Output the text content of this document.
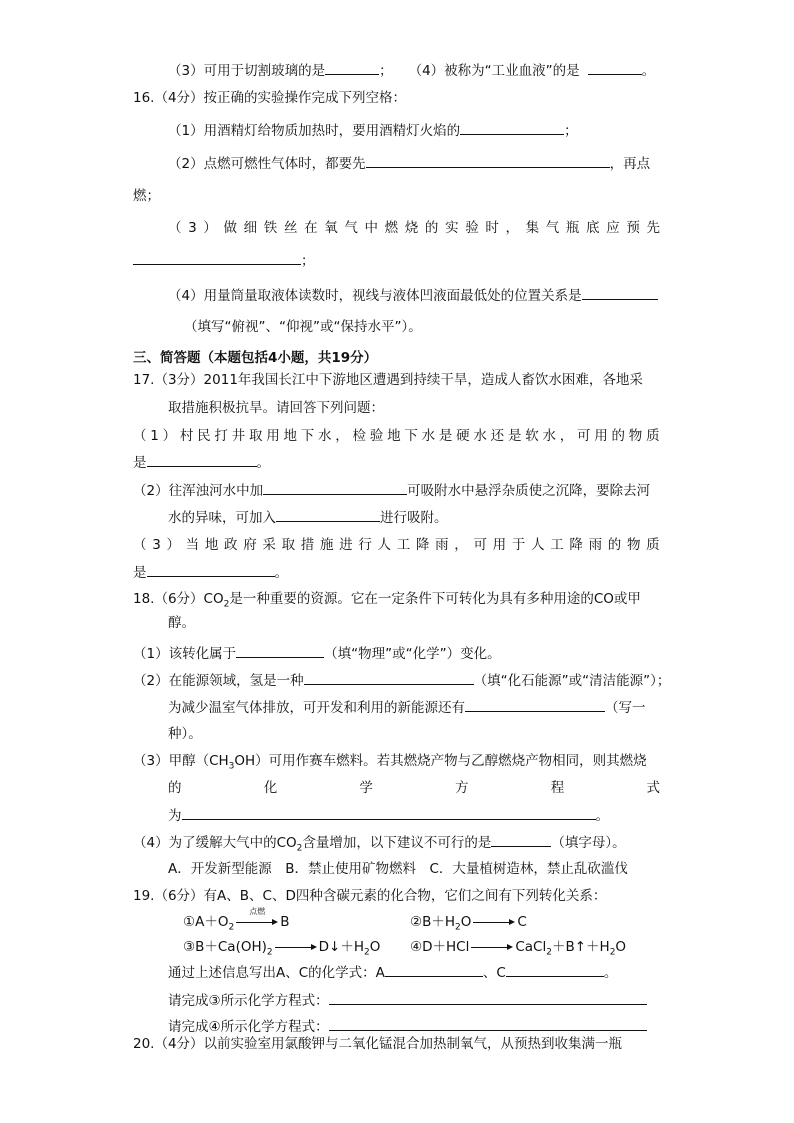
（3）可用于切割玻璃的是	； （4）被称为“工业血液”的是	。
16.（4分）按正确的实验操作完成下列空格：
（1）用酒精灯给物质加热时，要用酒精灯火焰的	；
（2）点燃可燃性气体时，都要先	，再点
燃；
（ 3 ） 做 细 铁 丝 在 氧 气 中 燃 烧 的 实 验 时 ， 集 气 瓶 底 应 预 先
；
（4）用量筒量取液体读数时，视线与液体凹液面最低处的位置关系是
（填写“俯视”、“仰视”或“保持水平”）。
三、简答题（本题包括4小题，共19分）
17.（3分）2011年我国长江中下游地区遭遇到持续干旱，造成人畜饮水困难，各地采
取措施积极抗旱。请回答下列问题：
（ 1 ） 村 民 打 井 取 用 地 下 水 ， 检 验 地 下 水 是 硬 水 还 是 软 水 ， 可 用 的 物 质
是	。
（2）往浑浊河水中加	可吸附水中悬浮杂质使之沉降，要除去河
水的异味，可加入	进行吸附。
（ 3 ） 当 地 政 府 采 取 措 施 进 行 人 工 降 雨 ， 可 用 于 人 工 降 雨 的 物 质
是	。
18.（6分）$CO_2$是一种重要的资源。它在一定条件下可转化为具有多种用途的CO或甲
醇。
（1）该转化属于	（填“物理”或“化学”）变化。
（2）在能源领域，氢是一种	（填“化石能源”或“清洁能源”）；
为减少温室气体排放，可开发和利用的新能源还有	（写一
种）。
（3）甲醇$(CH_3OH)$可用作赛车燃料。若其燃烧产物与乙醇燃烧产物相同，则其燃烧
的	化	学	方	程	式
为	。
（4）为了缓解大气中的$CO_2$含量增加，以下建议不可行的是	（填字母）。
A．开发新型能源　B．禁止使用矿物燃料　C．大量植树造林，禁止乱砍滥伐
19.（6分）有A、B、C、D四种含碳元素的化合物，它们之间有下列转化关系：
$①A+O_2$
点燃
B	$②B+H_2O$	C
$③B+Ca(OH)_2$	$D↓+H_2O$ ④D＋HCl	$CaCl_2+B↑+H_2O$
通过上述信息写出A、C的化学式：A	、C	。
请完成③所示化学方程式：
请完成④所示化学方程式：
20.（4分）以前实验室用氯酸钾与二氧化锰混合加热制氧气，从预热到收集满一瓶
